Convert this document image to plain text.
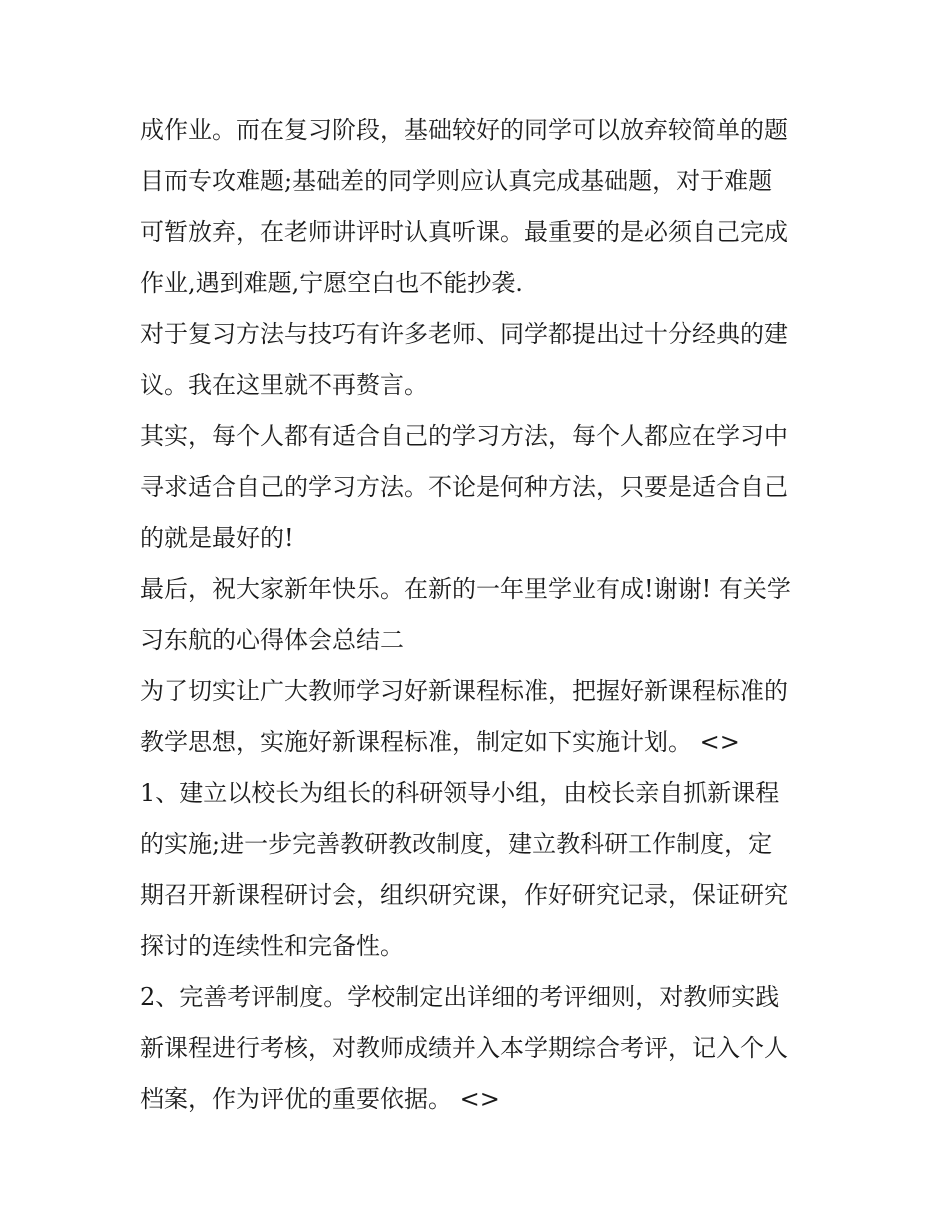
成作业。而在复习阶段，基础较好的同学可以放弃较简单的题
目而专攻难题;基础差的同学则应认真完成基础题，对于难题
可暂放弃，在老师讲评时认真听课。最重要的是必须自己完成
作业,遇到难题,宁愿空白也不能抄袭.
对于复习方法与技巧有许多老师、同学都提出过十分经典的建
议。我在这里就不再赘言。
其实，每个人都有适合自己的学习方法，每个人都应在学习中
寻求适合自己的学习方法。不论是何种方法，只要是适合自己
的就是最好的!
最后，祝大家新年快乐。在新的一年里学业有成!谢谢! 有关学
习东航的心得体会总结二
为了切实让广大教师学习好新课程标准，把握好新课程标准的
教学思想，实施好新课程标准，制定如下实施计划。 <>
1、建立以校长为组长的科研领导小组，由校长亲自抓新课程
的实施;进一步完善教研教改制度，建立教科研工作制度，定
期召开新课程研讨会，组织研究课，作好研究记录，保证研究
探讨的连续性和完备性。
2、完善考评制度。学校制定出详细的考评细则，对教师实践
新课程进行考核，对教师成绩并入本学期综合考评，记入个人
档案，作为评优的重要依据。 <>
